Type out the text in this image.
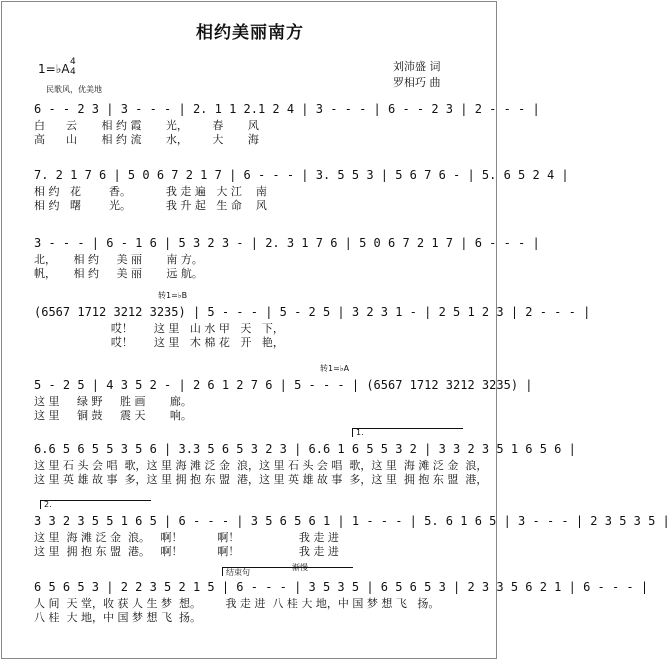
相约美丽南方
1=♭A 4
4	刘沛盛 词
罗相巧 曲
民歌风，优美地
6 - - 2 3 | 3 - - - | 2. 1 1 2.1 2 4 | 3 - - - | 6 - - 2 3 | 2 - - - |
白      云       相 约 霞       光，       春       风
高      山       相 约 流       水，       大       海
7. 2 1 7 6 | 5 0 6 7 2 1 7 | 6 - - - | 3. 5 5 3 | 5 6 7 6 - | 5. 6 5 2 4 |
相 约   花        香。          我 走 遍   大 江    南
相 约   曙        光。          我 升 起   生 命    风
3 - - - | 6 - 1 6 | 5 3 2 3 - | 2. 3 1 7 6 | 5 0 6 7 2 1 7 | 6 - - - |
北，     相 约     美 丽       南 方。
帆，     相 约     美 丽       远 航。
转1=♭B
(6567 1712 3212 3235) | 5 - - - | 5 - 2 5 | 3 2 3 1 - | 2 5 1 2 3 | 2 - - - |
哎！      这 里   山 水 甲   天   下，
哎！      这 里   木 棉 花   开   艳，
转1=♭A
5 - 2 5 | 4 3 5 2 - | 2 6 1 2 7 6 | 5 - - - | (6567 1712 3212 3235) |
这 里     绿 野     胜 画       廊。
这 里     铜 鼓     震 天       响。
1.
6.6 5 6 5 5 3 5 6 | 3.3 5 6 5 3 2 3 | 6.6 1 6 5 5 3 2 | 3 3 2 3 5 1 6 5 6 |
这 里 石 头 会 唱  歌，这 里 海 滩 泛 金  浪，这 里 石 头 会 唱  歌，这 里  海 滩 泛 金  浪，
这 里 英 雄 故 事  多，这 里 拥 抱 东 盟  港，这 里 英 雄 故 事  多，这 里  拥 抱 东 盟  港，
2.
3 3 2 3 5 5 1 6 5 | 6 - - - | 3 5 6 5 6 1 | 1 - - - | 5. 6 1 6 5 | 3 - - - | 2 3 5 3 5 |
这 里  海 滩 泛 金  浪。   啊！          啊！                 我 走 进
这 里  拥 抱 东 盟  港。   啊！          啊！                 我 走 进
结束句
渐慢
6 5 6 5 3 | 2 2 3 5 2 1 5 | 6 - - - | 3 5 3 5 | 6 5 6 5 3 | 2 3 3 5 6 2 1 | 6 - - - |
人 间  天 堂，收 获 人 生 梦  想。       我 走 进  八 桂 大 地，中 国 梦 想 飞   扬。
八 桂  大 地，中 国 梦 想 飞  扬。
